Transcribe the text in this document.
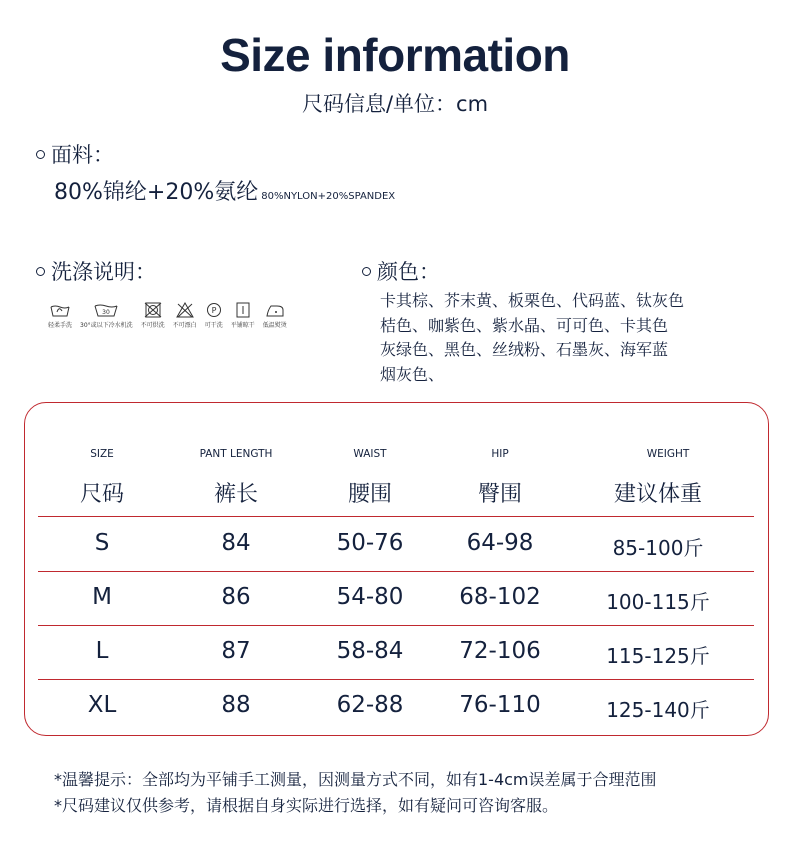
Size information
尺码信息/单位：cm
面料：
80%锦纶+20%氨纶 80%NYLON+20%SPANDEX
洗涤说明：
轻柔手洗
30
30°或以下冷水机洗 不可烘洗 不可漂白
P
可干洗 平铺晾干 低温熨烫
颜色：
卡其棕、芥末黄、板栗色、代码蓝、钛灰色
桔色、咖紫色、紫水晶、可可色、卡其色
灰绿色、黑色、丝绒粉、石墨灰、海军蓝
烟灰色、
SIZE	PANT LENGTH	WAIST	HIP	WEIGHT
尺码	裤长	腰围	臀围	建议体重
S	84	50-76	64-98	85-100斤
M	86	54-80	68-102	100-115斤
L	87	58-84	72-106	115-125斤
XL	88	62-88	76-110	125-140斤
*温馨提示：全部均为平铺手工测量，因测量方式不同，如有1-4cm误差属于合理范围
*尺码建议仅供参考，请根据自身实际进行选择，如有疑问可咨询客服。
